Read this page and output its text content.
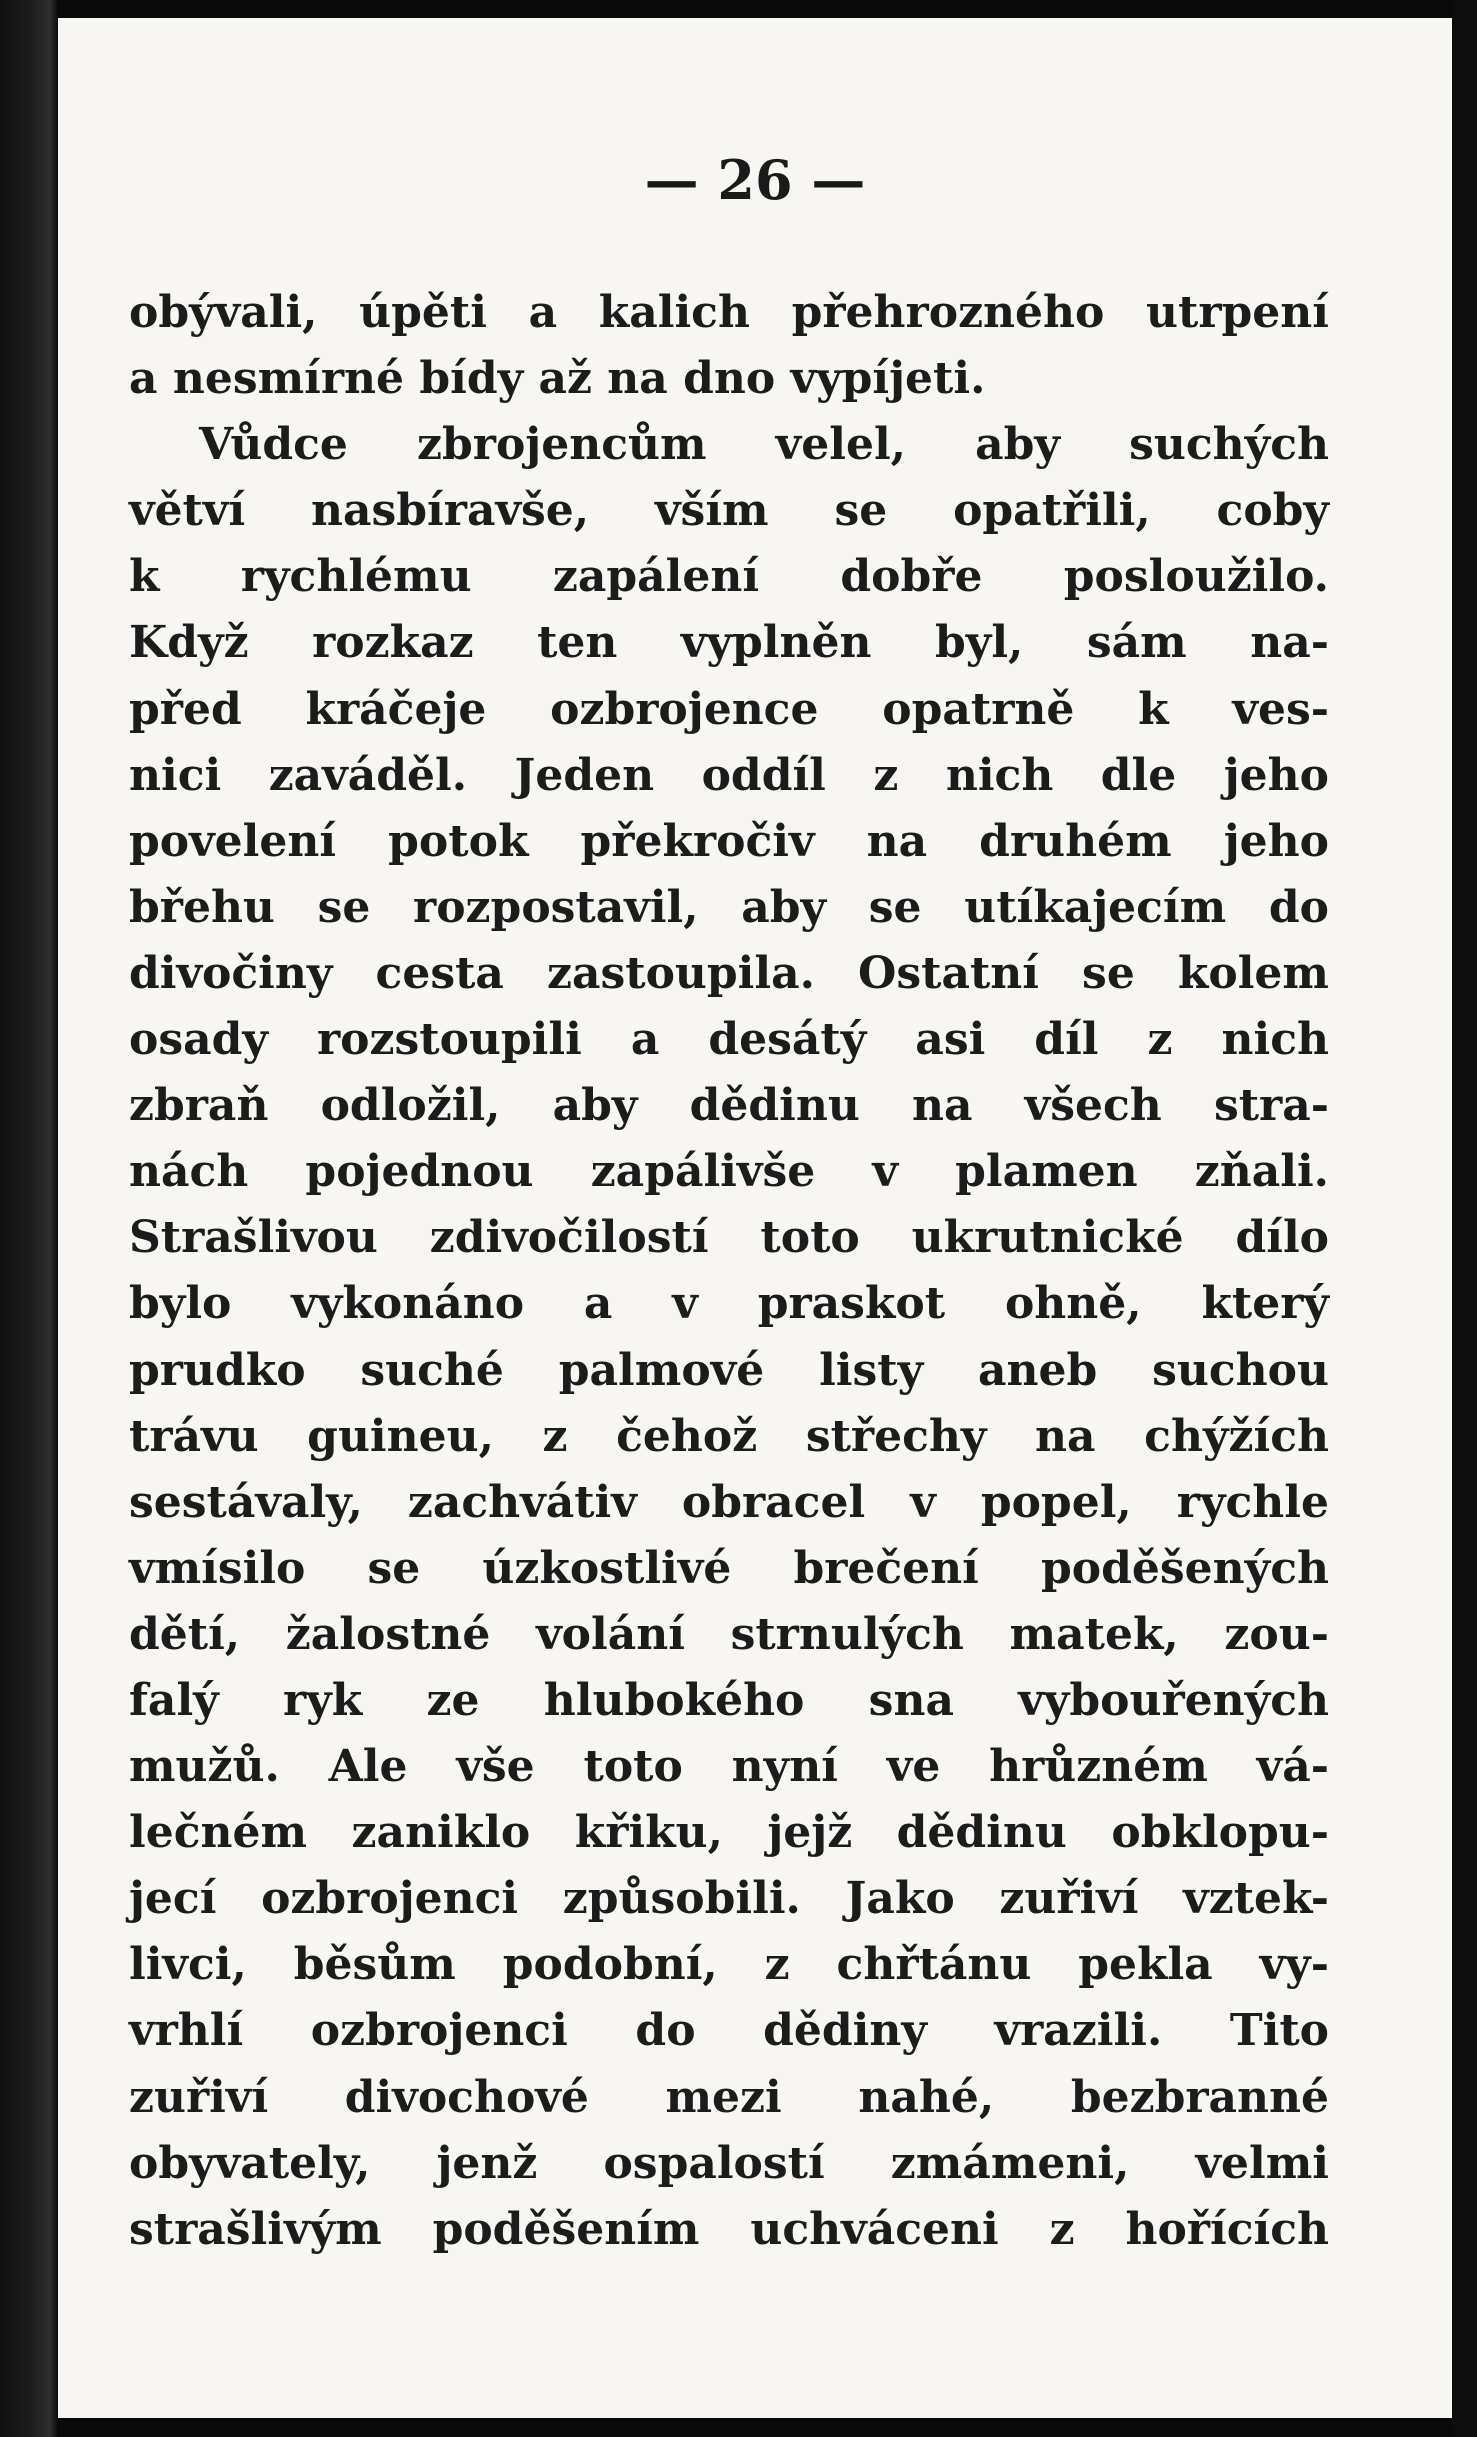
— 26 —
obývali, úpěti a kalich přehrozného utrpení
a nesmírné bídy až na dno vypíjeti.
Vůdce zbrojencům velel, aby suchých
větví nasbíravše, vším se opatřili, coby
k rychlému zapálení dobře posloužilo.
Když rozkaz ten vyplněn byl, sám na-
před kráčeje ozbrojence opatrně k ves-
nici zaváděl. Jeden oddíl z nich dle jeho
povelení potok překročiv na druhém jeho
břehu se rozpostavil, aby se utíkajecím do
divočiny cesta zastoupila. Ostatní se kolem
osady rozstoupili a desátý asi díl z nich
zbraň odložil, aby dědinu na všech stra-
nách pojednou zapálivše v plamen zňali.
Strašlivou zdivočilostí toto ukrutnické dílo
bylo vykonáno a v praskot ohně, který
prudko suché palmové listy aneb suchou
trávu guineu, z čehož střechy na chýžích
sestávaly, zachvátiv obracel v popel, rychle
vmísilo se úzkostlivé brečení poděšených
dětí, žalostné volání strnulých matek, zou-
falý ryk ze hlubokého sna vybouřených
mužů. Ale vše toto nyní ve hrůzném vá-
lečném zaniklo křiku, jejž dědinu obklopu-
jecí ozbrojenci způsobili. Jako zuřiví vztek-
livci, běsům podobní, z chřtánu pekla vy-
vrhlí ozbrojenci do dědiny vrazili. Tito
zuřiví divochové mezi nahé, bezbranné
obyvately, jenž ospalostí zmámeni, velmi
strašlivým poděšením uchváceni z hořících
